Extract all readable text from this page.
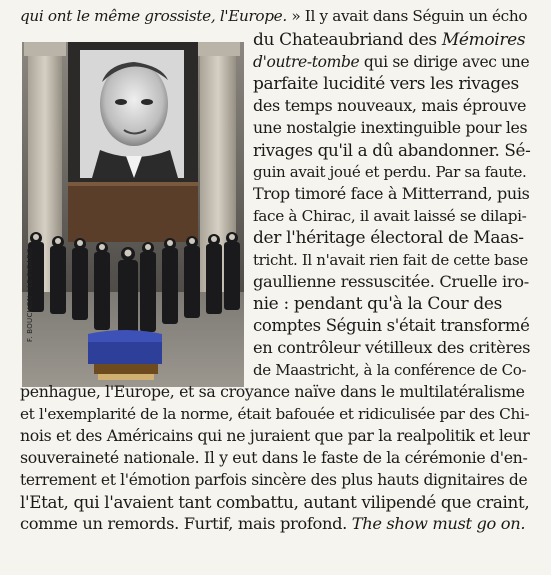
F. BOUCHON / LE FIGARO
qui ont le même grossiste, l'Europe. » Il y avait dans Séguin un écho
du Chateaubriand des Mémoires
d'outre-tombe qui se dirige avec une
parfaite lucidité vers les rivages
des temps nouveaux, mais éprouve
une nostalgie inextinguible pour les
rivages qu'il a dû abandonner. Sé-
guin avait joué et perdu. Par sa faute.
Trop timoré face à Mitterrand, puis
face à Chirac, il avait laissé se dilapi-
der l'héritage électoral de Maas-
tricht. Il n'avait rien fait de cette base
gaullienne ressuscitée. Cruelle iro-
nie : pendant qu'à la Cour des
comptes Séguin s'était transformé
en contrôleur vétilleux des critères
de Maastricht, à la conférence de Co-
penhague, l'Europe, et sa croyance naïve dans le multilatéralisme
et l'exemplarité de la norme, était bafouée et ridiculisée par des Chi-
nois et des Américains qui ne juraient que par la realpolitik et leur
souveraineté nationale. Il y eut dans le faste de la cérémonie d'en-
terrement et l'émotion parfois sincère des plus hauts dignitaires de
l'Etat, qui l'avaient tant combattu, autant vilipendé que craint,
comme un remords. Furtif, mais profond. The show must go on.
